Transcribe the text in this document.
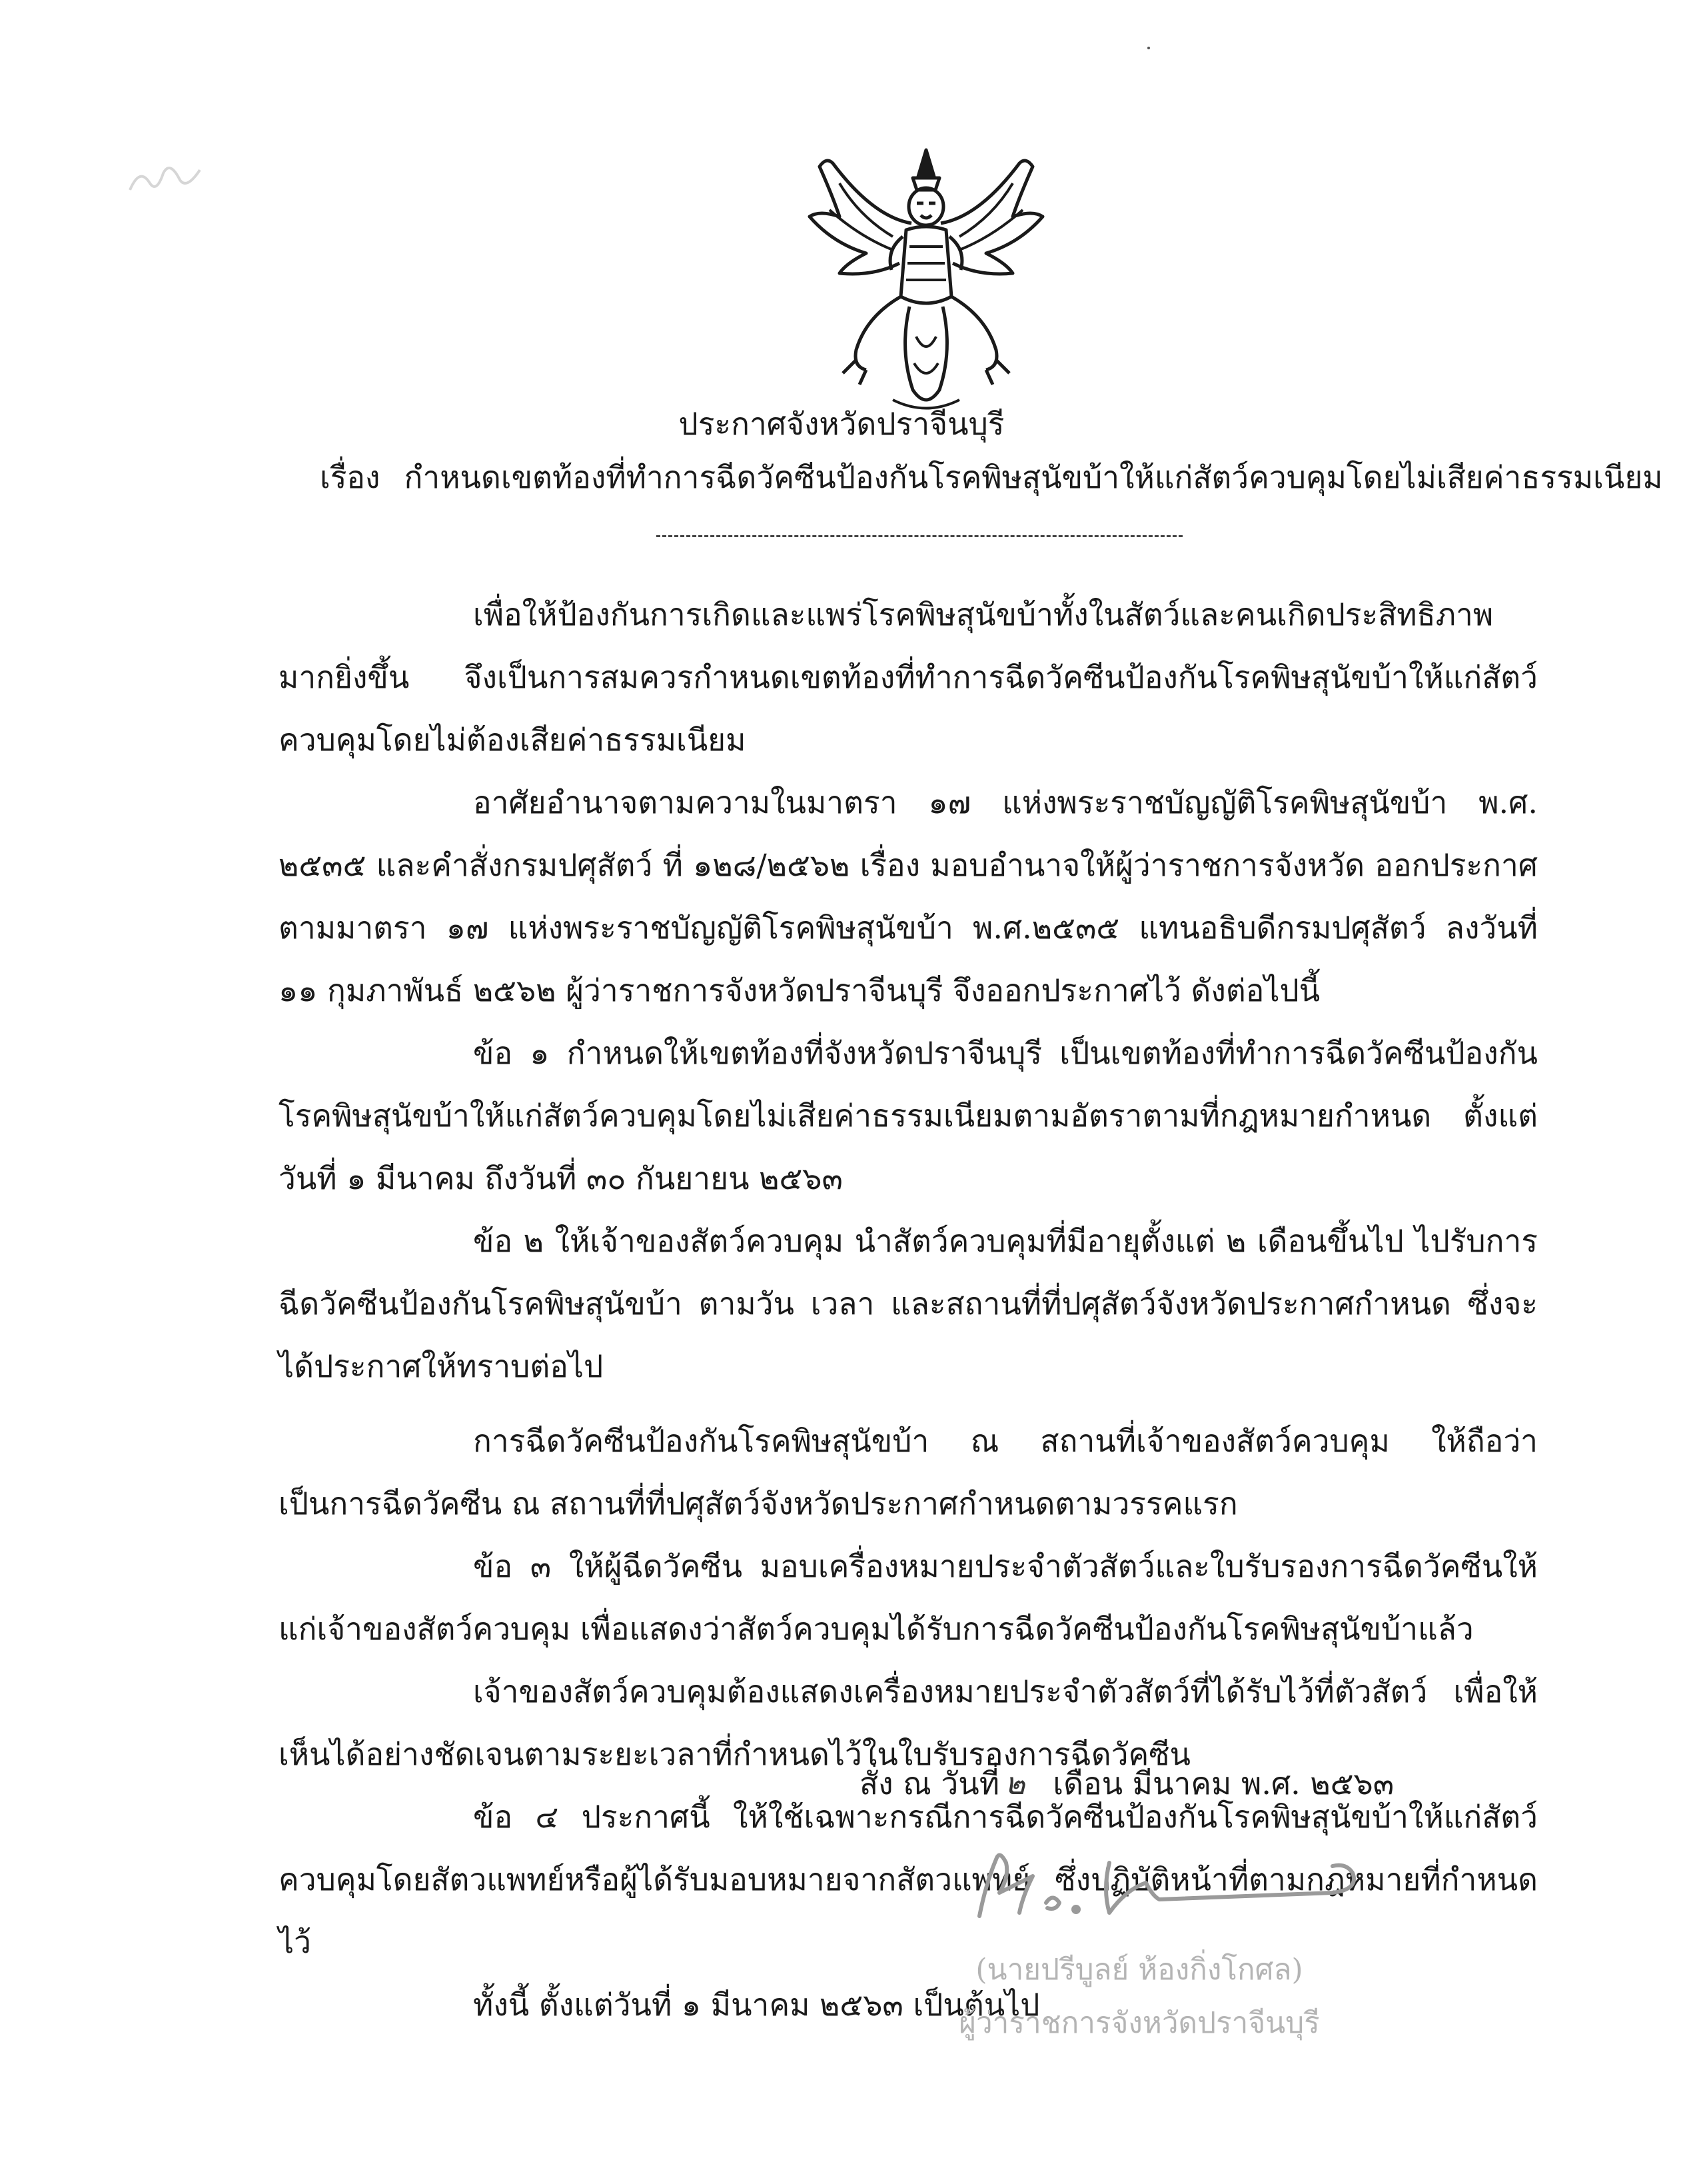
ประกาศจังหวัดปราจีนบุรี
เรื่อง กำหนดเขตท้องที่ทำการฉีดวัคซีนป้องกันโรคพิษสุนัขบ้าให้แก่สัตว์ควบคุมโดยไม่เสียค่าธรรมเนียม

เพื่อให้ป้องกันการเกิดและแพร่โรคพิษสุนัขบ้าทั้งในสัตว์และคนเกิดประสิทธิภาพมากยิ่งขึ้น จึงเป็นการสมควรกำหนดเขตท้องที่ทำการฉีดวัคซีนป้องกันโรคพิษสุนัขบ้าให้แก่สัตว์ควบคุมโดยไม่ต้องเสียค่าธรรมเนียม

อาศัยอำนาจตามความในมาตรา ๑๗ แห่งพระราชบัญญัติโรคพิษสุนัขบ้า พ.ศ. ๒๕๓๕ และคำสั่งกรมปศุสัตว์ ที่ ๑๒๘/๒๕๖๒ เรื่อง มอบอำนาจให้ผู้ว่าราชการจังหวัด ออกประกาศตามมาตรา ๑๗ แห่งพระราชบัญญัติโรคพิษสุนัขบ้า พ.ศ.๒๕๓๕ แทนอธิบดีกรมปศุสัตว์ ลงวันที่ ๑๑ กุมภาพันธ์ ๒๕๖๒ ผู้ว่าราชการจังหวัดปราจีนบุรี จึงออกประกาศไว้ ดังต่อไปนี้

ข้อ ๑ กำหนดให้เขตท้องที่จังหวัดปราจีนบุรี เป็นเขตท้องที่ทำการฉีดวัคซีนป้องกันโรคพิษสุนัขบ้าให้แก่สัตว์ควบคุมโดยไม่เสียค่าธรรมเนียมตามอัตราตามที่กฎหมายกำหนด ตั้งแต่วันที่ ๑ มีนาคม ถึงวันที่ ๓๐ กันยายน ๒๕๖๓

ข้อ ๒ ให้เจ้าของสัตว์ควบคุม นำสัตว์ควบคุมที่มีอายุตั้งแต่ ๒ เดือนขึ้นไป ไปรับการฉีดวัคซีนป้องกันโรคพิษสุนัขบ้า ตามวัน เวลา และสถานที่ที่ปศุสัตว์จังหวัดประกาศกำหนด ซึ่งจะได้ประกาศให้ทราบต่อไป

การฉีดวัคซีนป้องกันโรคพิษสุนัขบ้า ณ สถานที่เจ้าของสัตว์ควบคุม ให้ถือว่าเป็นการฉีดวัคซีน ณ สถานที่ที่ปศุสัตว์จังหวัดประกาศกำหนดตามวรรคแรก

ข้อ ๓ ให้ผู้ฉีดวัคซีน มอบเครื่องหมายประจำตัวสัตว์และใบรับรองการฉีดวัคซีนให้แก่เจ้าของสัตว์ควบคุม เพื่อแสดงว่าสัตว์ควบคุมได้รับการฉีดวัคซีนป้องกันโรคพิษสุนัขบ้าแล้ว

เจ้าของสัตว์ควบคุมต้องแสดงเครื่องหมายประจำตัวสัตว์ที่ได้รับไว้ที่ตัวสัตว์ เพื่อให้เห็นได้อย่างชัดเจนตามระยะเวลาที่กำหนดไว้ในใบรับรองการฉีดวัคซีน

ข้อ ๔ ประกาศนี้ ให้ใช้เฉพาะกรณีการฉีดวัคซีนป้องกันโรคพิษสุนัขบ้าให้แก่สัตว์ควบคุมโดยสัตวแพทย์หรือผู้ได้รับมอบหมายจากสัตวแพทย์ ซึ่งปฏิบัติหน้าที่ตามกฎหมายที่กำหนดไว้

ทั้งนี้ ตั้งแต่วันที่ ๑ มีนาคม ๒๕๖๓ เป็นต้นไป

สั่ง ณ วันที่ ๒ เดือน มีนาคม พ.ศ. ๒๕๖๓
(นายปรีบูลย์ ห้องกิ่งโกศล)
ผู้ว่าราชการจังหวัดปราจีนบุรี
